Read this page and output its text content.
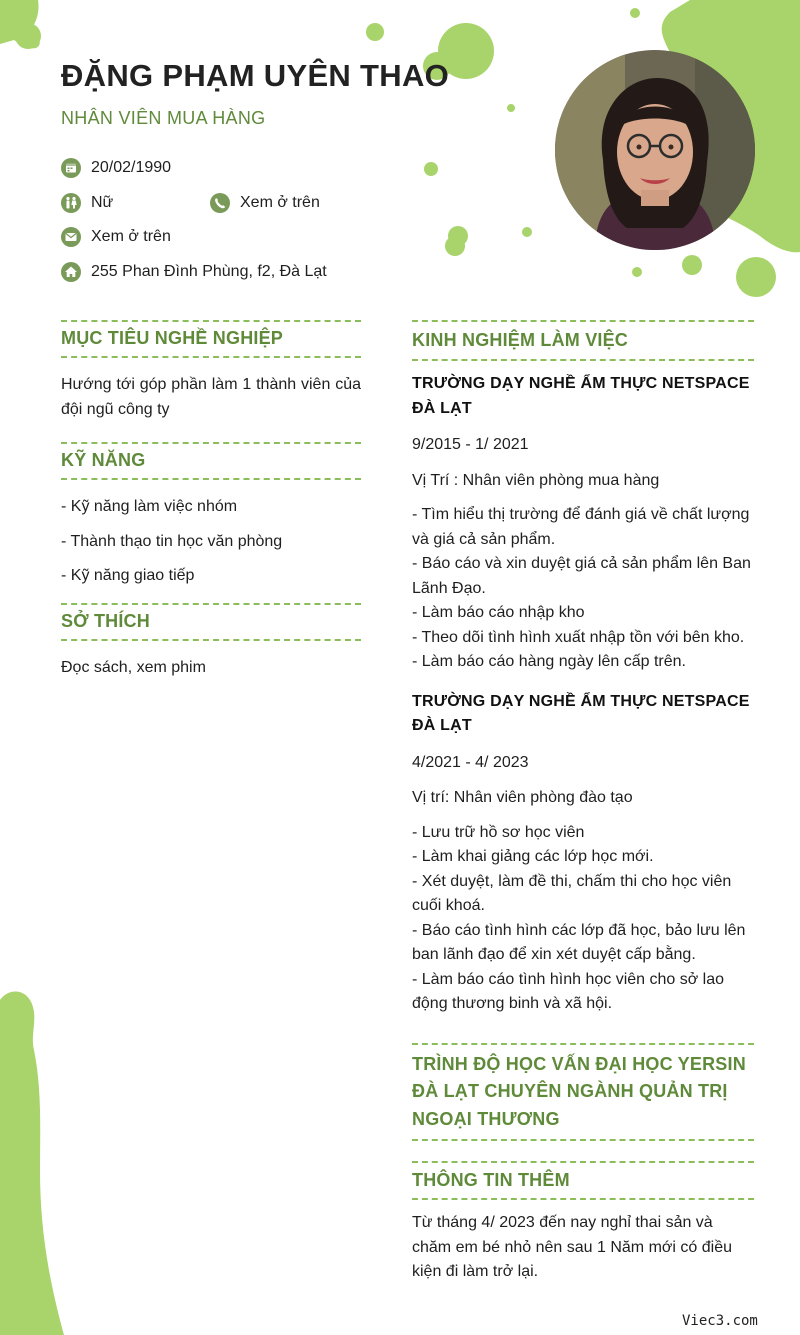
ĐẶNG PHẠM UYÊN THAO
NHÂN VIÊN MUA HÀNG
20/02/1990
Nữ	Xem ở trên
Xem ở trên
255 Phan Đình Phùng, f2, Đà Lạt
MỤC TIÊU NGHỀ NGHIỆP
Hướng tới góp phần làm 1 thành viên của đội ngũ công ty
KỸ NĂNG
- Kỹ năng làm việc nhóm
- Thành thạo tin học văn phòng
- Kỹ năng giao tiếp
SỞ THÍCH
Đọc sách, xem phim
KINH NGHIỆM LÀM VIỆC
TRƯỜNG DẠY NGHỀ ẨM THỰC NETSPACE ĐÀ LẠT
9/2015 - 1/ 2021
Vị Trí : Nhân viên phòng mua hàng
- Tìm hiểu thị trường để đánh giá về chất lượng và giá cả sản phẩm.
- Báo cáo và xin duyệt giá cả sản phẩm lên Ban Lãnh Đạo.
- Làm báo cáo nhập kho
- Theo dõi tình hình xuất nhập tồn với bên kho.
- Làm báo cáo hàng ngày lên cấp trên.
TRƯỜNG DẠY NGHỀ ẨM THỰC NETSPACE ĐÀ LẠT
4/2021 - 4/ 2023
Vị trí: Nhân viên phòng đào tạo
- Lưu trữ hồ sơ học viên
- Làm khai giảng các lớp học mới.
- Xét duyệt, làm đề thi, chấm thi cho học viên cuối khoá.
- Báo cáo tình hình các lớp đã học, bảo lưu lên ban lãnh đạo để xin xét duyệt cấp bằng.
- Làm báo cáo tình hình học viên cho sở lao động thương binh và xã hội.
TRÌNH ĐỘ HỌC VẤN ĐẠI HỌC YERSIN ĐÀ LẠT CHUYÊN NGÀNH QUẢN TRỊ NGOẠI THƯƠNG
THÔNG TIN THÊM
Từ tháng 4/ 2023 đến nay nghỉ thai sản và chăm em bé nhỏ nên sau 1 Năm mới có điều kiện đi làm trở lại.
Viec3.com
